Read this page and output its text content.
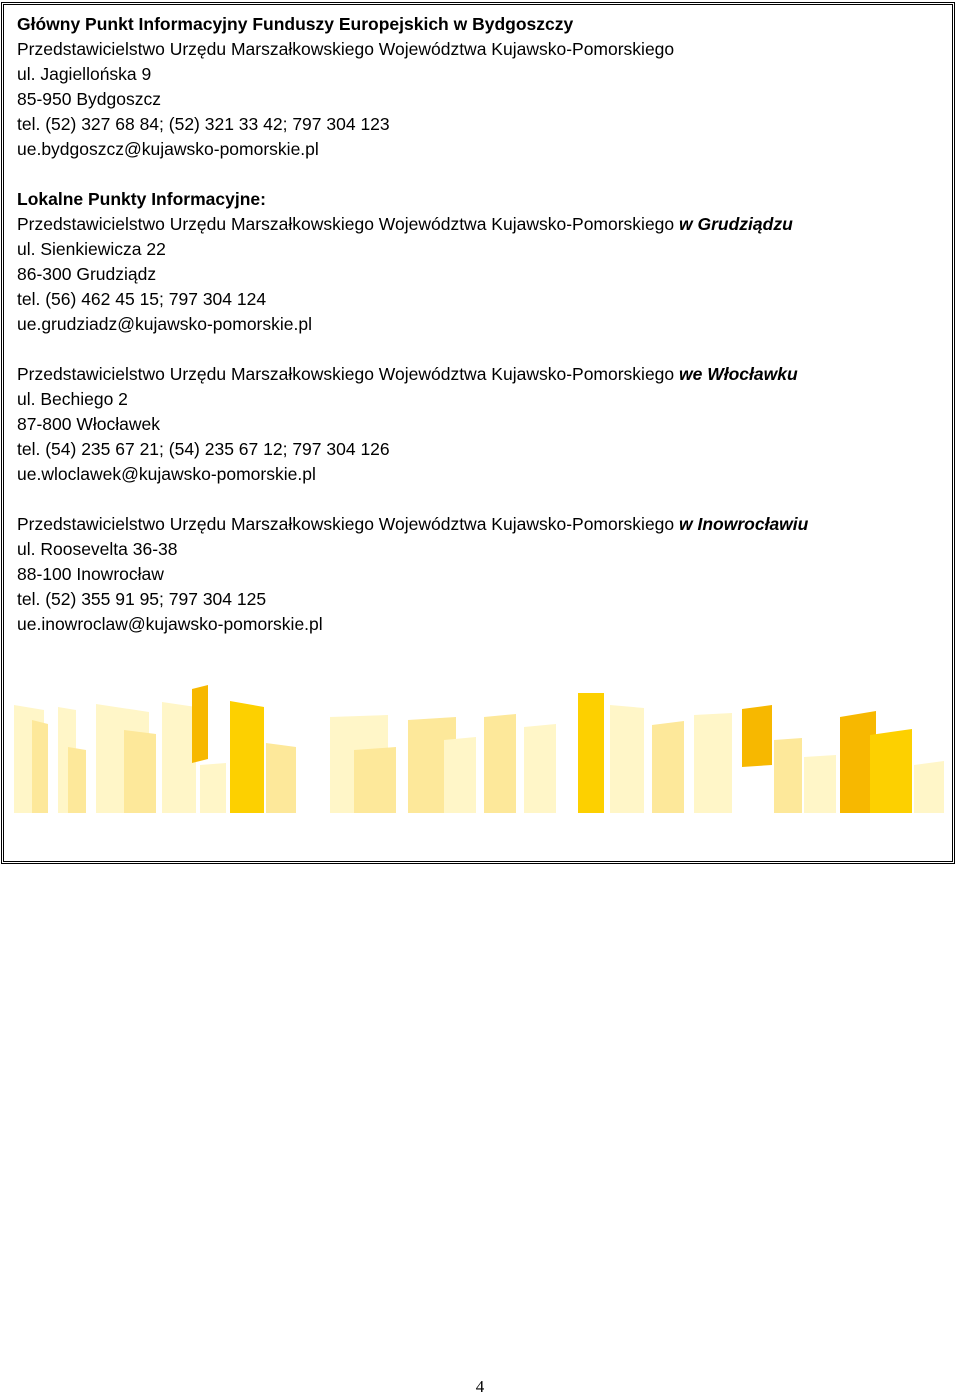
Główny Punkt Informacyjny Funduszy Europejskich w Bydgoszczy
Przedstawicielstwo Urzędu Marszałkowskiego Województwa Kujawsko-Pomorskiego
ul. Jagiellońska 9
85-950 Bydgoszcz
tel. (52) 327 68 84; (52) 321 33 42; 797 304 123
ue.bydgoszcz@kujawsko-pomorskie.pl
Lokalne Punkty Informacyjne:
Przedstawicielstwo Urzędu Marszałkowskiego Województwa Kujawsko-Pomorskiego w Grudziądzu
ul. Sienkiewicza 22
86-300 Grudziądz
tel. (56) 462 45 15; 797 304 124
ue.grudziadz@kujawsko-pomorskie.pl
Przedstawicielstwo Urzędu Marszałkowskiego Województwa Kujawsko-Pomorskiego we Włocławku
ul. Bechiego 2
87-800 Włocławek
tel. (54) 235 67 21; (54) 235 67 12; 797 304 126
ue.wloclawek@kujawsko-pomorskie.pl
Przedstawicielstwo Urzędu Marszałkowskiego Województwa Kujawsko-Pomorskiego w Inowrocławiu
ul. Roosevelta 36-38
88-100 Inowrocław
tel. (52) 355 91 95; 797 304 125
ue.inowroclaw@kujawsko-pomorskie.pl
4
